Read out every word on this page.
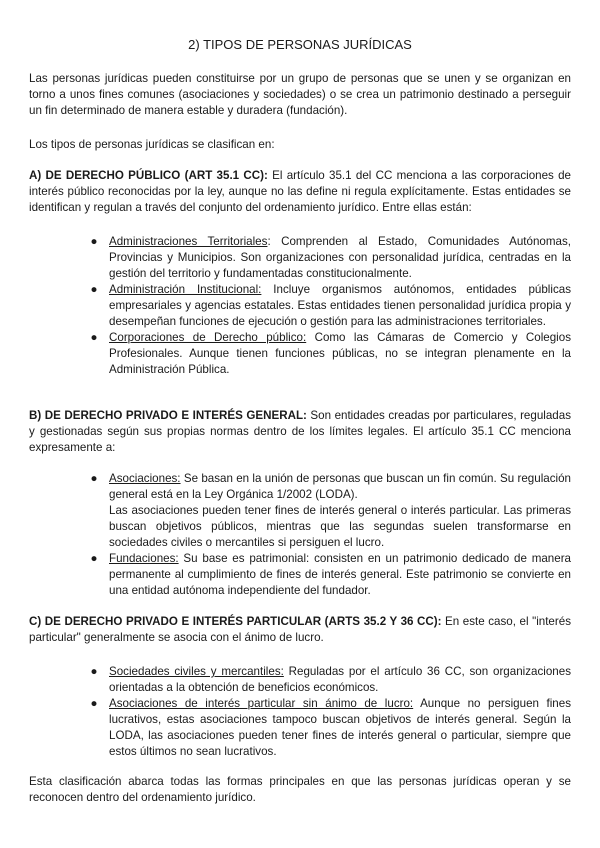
2) TIPOS DE PERSONAS JURÍDICAS

Las personas jurídicas pueden constituirse por un grupo de personas que se unen y se organizan en torno a unos fines comunes (asociaciones y sociedades) o se crea un patrimonio destinado a perseguir un fin determinado de manera estable y duradera (fundación).

Los tipos de personas jurídicas se clasifican en:

A) DE DERECHO PÚBLICO (ART 35.1 CC): El artículo 35.1 del CC menciona a las corporaciones de interés público reconocidas por la ley, aunque no las define ni regula explícitamente. Estas entidades se identifican y regulan a través del conjunto del ordenamiento jurídico. Entre ellas están:

● Administraciones Territoriales: Comprenden al Estado, Comunidades Autónomas, Provincias y Municipios. Son organizaciones con personalidad jurídica, centradas en la gestión del territorio y fundamentadas constitucionalmente.
● Administración Institucional: Incluye organismos autónomos, entidades públicas empresariales y agencias estatales. Estas entidades tienen personalidad jurídica propia y desempeñan funciones de ejecución o gestión para las administraciones territoriales.
● Corporaciones de Derecho público: Como las Cámaras de Comercio y Colegios Profesionales. Aunque tienen funciones públicas, no se integran plenamente en la Administración Pública.

B) DE DERECHO PRIVADO E INTERÉS GENERAL: Son entidades creadas por particulares, reguladas y gestionadas según sus propias normas dentro de los límites legales. El artículo 35.1 CC menciona expresamente a:

● Asociaciones: Se basan en la unión de personas que buscan un fin común. Su regulación general está en la Ley Orgánica 1/2002 (LODA).
Las asociaciones pueden tener fines de interés general o interés particular. Las primeras buscan objetivos públicos, mientras que las segundas suelen transformarse en sociedades civiles o mercantiles si persiguen el lucro.
● Fundaciones: Su base es patrimonial: consisten en un patrimonio dedicado de manera permanente al cumplimiento de fines de interés general. Este patrimonio se convierte en una entidad autónoma independiente del fundador.

C) DE DERECHO PRIVADO E INTERÉS PARTICULAR (ARTS 35.2 Y 36 CC): En este caso, el "interés particular" generalmente se asocia con el ánimo de lucro.

● Sociedades civiles y mercantiles: Reguladas por el artículo 36 CC, son organizaciones orientadas a la obtención de beneficios económicos.
● Asociaciones de interés particular sin ánimo de lucro: Aunque no persiguen fines lucrativos, estas asociaciones tampoco buscan objetivos de interés general. Según la LODA, las asociaciones pueden tener fines de interés general o particular, siempre que estos últimos no sean lucrativos.

Esta clasificación abarca todas las formas principales en que las personas jurídicas operan y se reconocen dentro del ordenamiento jurídico.
